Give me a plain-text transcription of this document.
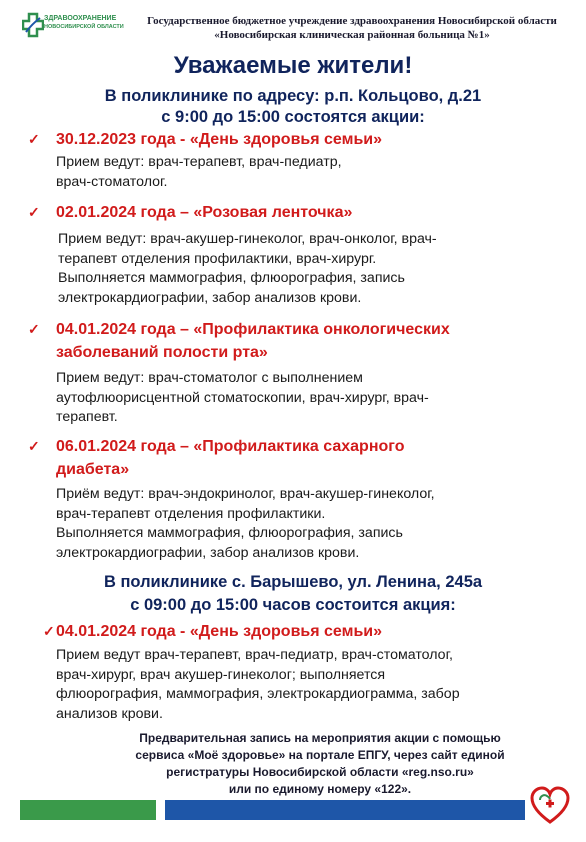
ЗДРАВООХРАНЕНИЕ
НОВОСИБИРСКОЙ ОБЛАСТИ	Государственное бюджетное учреждение здравоохранения Новосибирской области
«Новосибирская клиническая районная больница №1»
Уважаемые жители!
В поликлинике по адресу: р.п. Кольцово, д.21
с 9:00 до 15:00 состоятся акции:
✓ 30.12.2023 года - «День здоровья семьи»
Прием ведут: врач-терапевт, врач-педиатр,
врач-стоматолог.
✓ 02.01.2024 года – «Розовая ленточка»
Прием ведут: врач-акушер-гинеколог, врач-онколог, врач-
терапевт отделения профилактики, врач-хирург.
Выполняется маммография, флюорография, запись
электрокардиографии, забор анализов крови.
✓ 04.01.2024 года – «Профилактика онкологических
заболеваний полости рта»
Прием ведут: врач-стоматолог с выполнением
аутофлюорисцентной стоматоскопии, врач-хирург, врач-
терапевт.
✓ 06.01.2024 года – «Профилактика сахарного
диабета»
Приём ведут: врач-эндокринолог, врач-акушер-гинеколог,
врач-терапевт отделения профилактики.
Выполняется маммография, флюорография, запись
электрокардиографии, забор анализов крови.
В поликлинике с. Барышево, ул. Ленина, 245а
с 09:00 до 15:00 часов состоится акция:
✓ 04.01.2024 года - «День здоровья семьи»
Прием ведут врач-терапевт, врач-педиатр, врач-стоматолог,
врач-хирург, врач акушер-гинеколог; выполняется
флюорография, маммография, электрокардиограмма, забор
анализов крови.
Предварительная запись на мероприятия акции с помощью
сервиса «Моё здоровье» на портале ЕПГУ, через сайт единой
регистратуры Новосибирской области «reg.nso.ru»
или по единому номеру «122».
